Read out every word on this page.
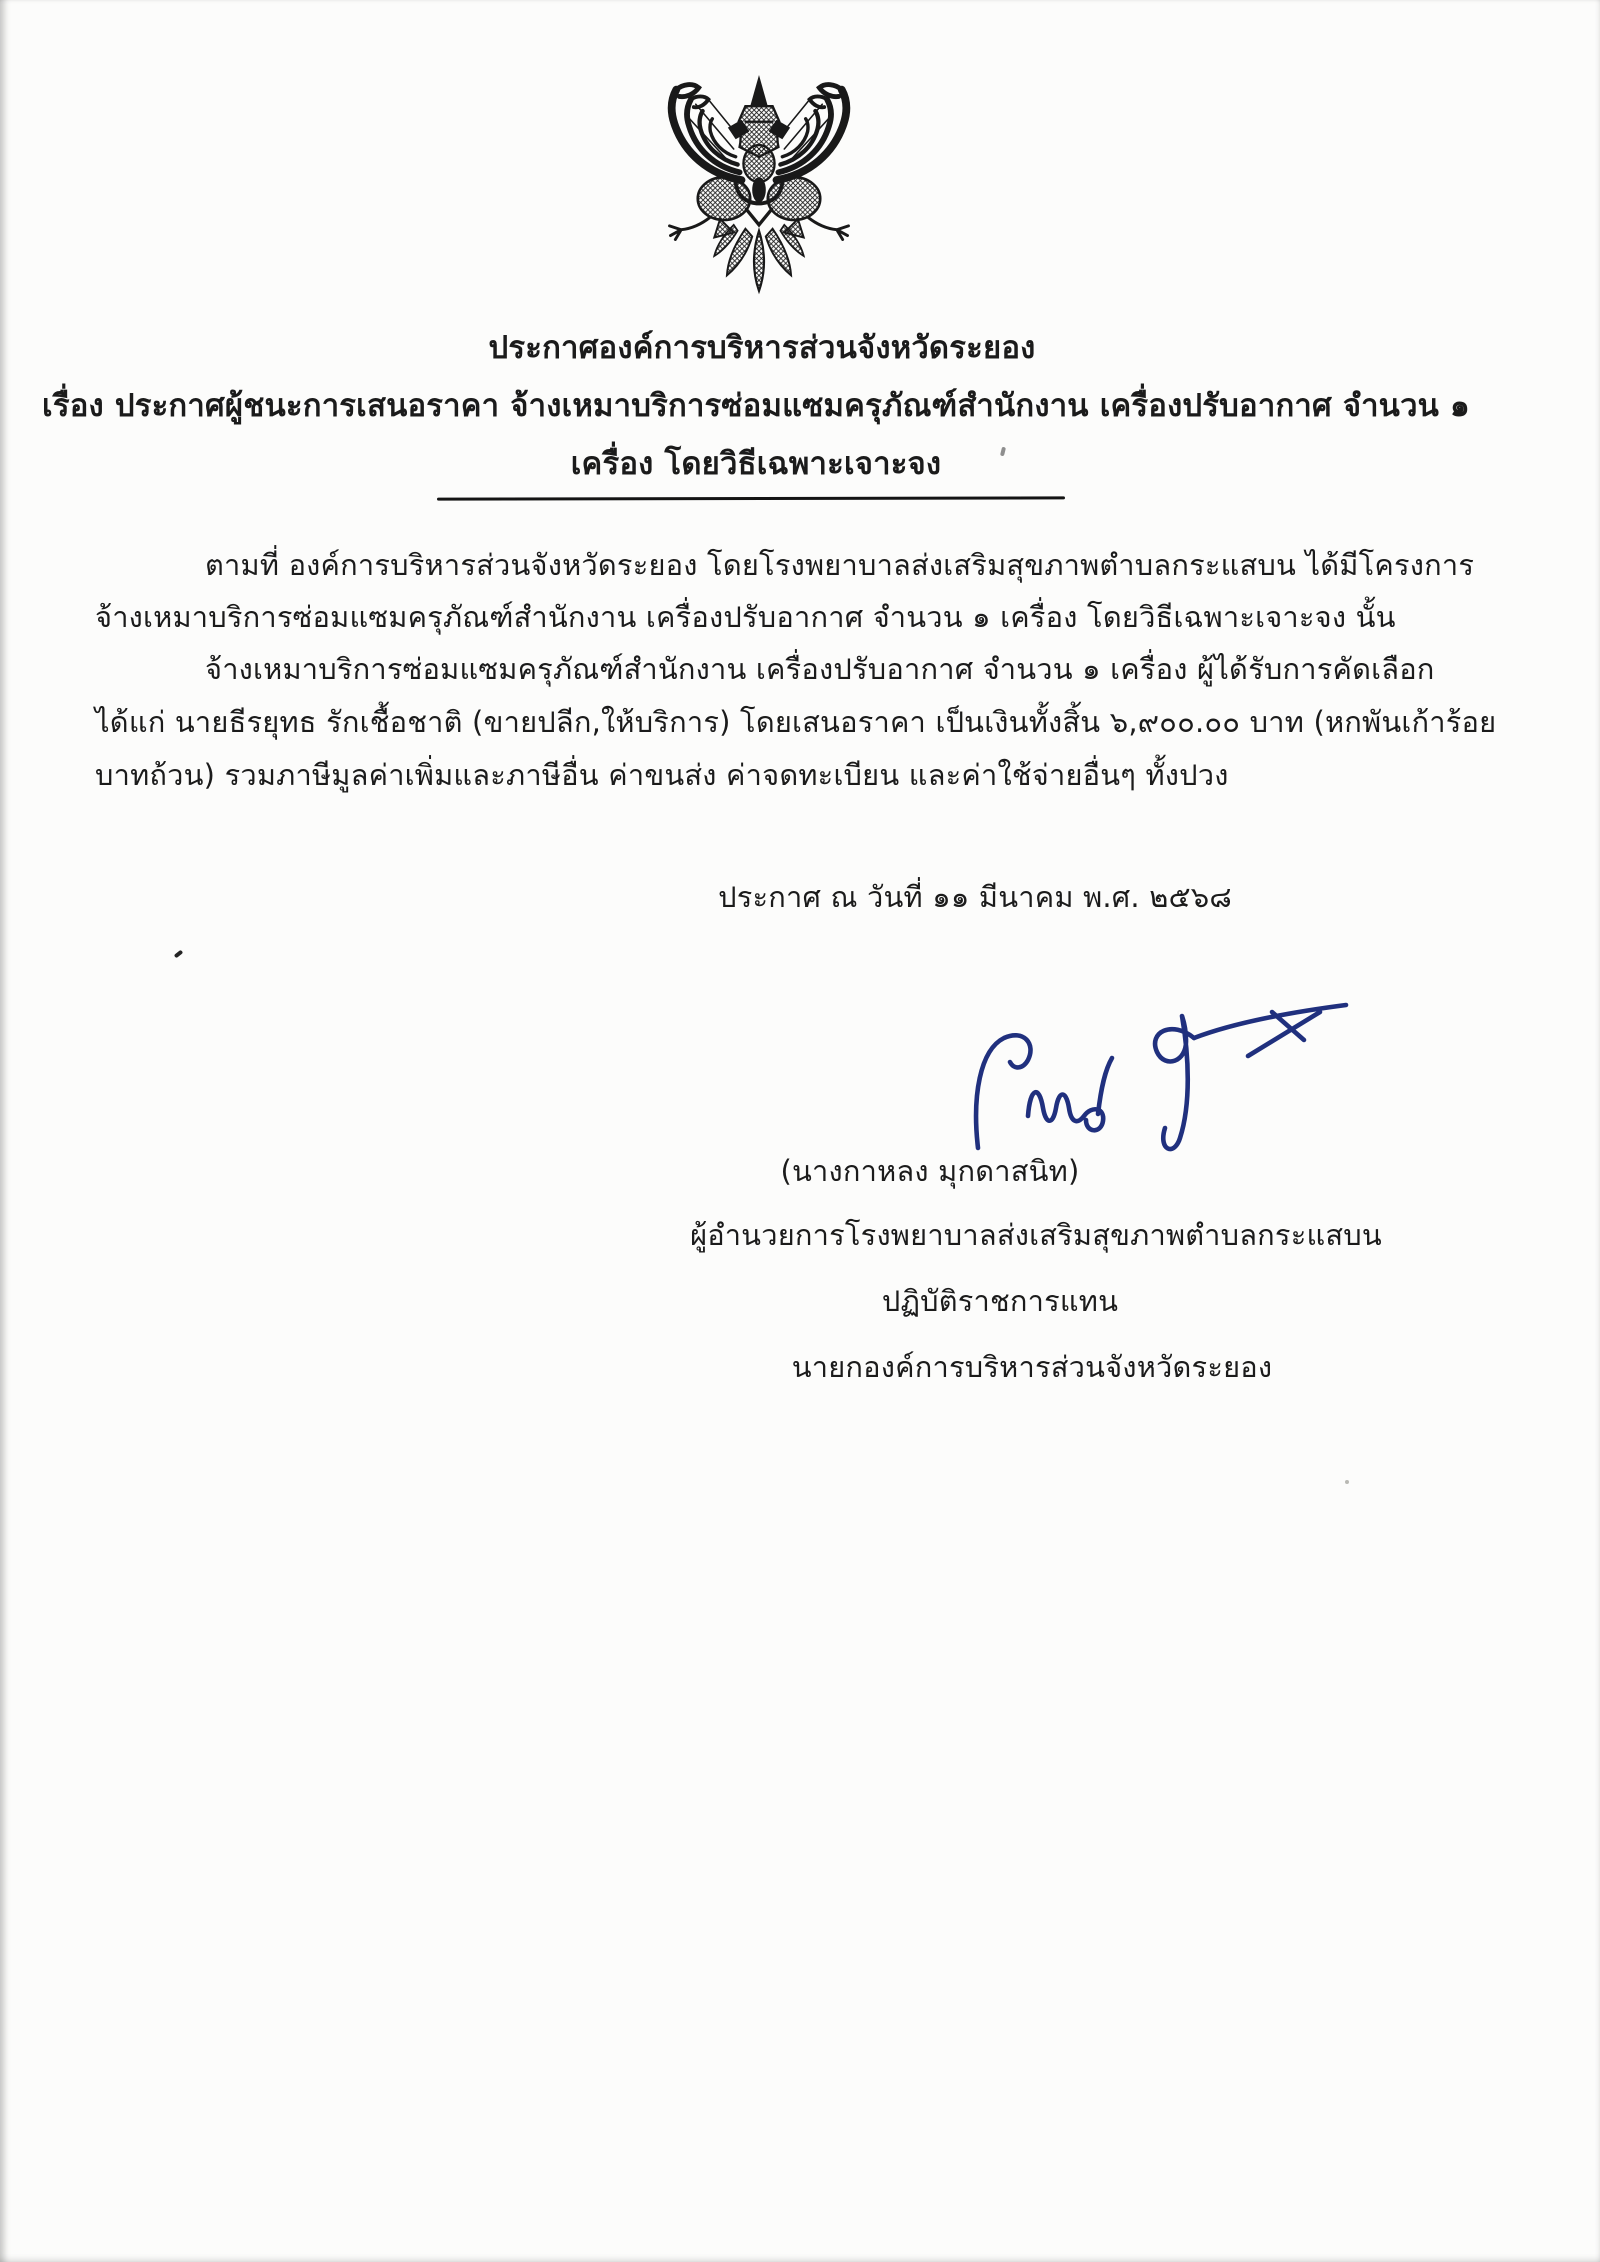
ประกาศองค์การบริหารส่วนจังหวัดระยอง
เรื่อง ประกาศผู้ชนะการเสนอราคา จ้างเหมาบริการซ่อมแซมครุภัณฑ์สำนักงาน เครื่องปรับอากาศ จำนวน ๑
เครื่อง โดยวิธีเฉพาะเจาะจง
ตามที่ องค์การบริหารส่วนจังหวัดระยอง โดยโรงพยาบาลส่งเสริมสุขภาพตำบลกระแสบน ได้มีโครงการ
จ้างเหมาบริการซ่อมแซมครุภัณฑ์สำนักงาน เครื่องปรับอากาศ จำนวน ๑ เครื่อง โดยวิธีเฉพาะเจาะจง นั้น
จ้างเหมาบริการซ่อมแซมครุภัณฑ์สำนักงาน เครื่องปรับอากาศ จำนวน ๑ เครื่อง ผู้ได้รับการคัดเลือก
ได้แก่ นายธีรยุทธ รักเชื้อชาติ (ขายปลีก,ให้บริการ) โดยเสนอราคา เป็นเงินทั้งสิ้น ๖,๙๐๐.๐๐ บาท (หกพันเก้าร้อย
บาทถ้วน) รวมภาษีมูลค่าเพิ่มและภาษีอื่น ค่าขนส่ง ค่าจดทะเบียน และค่าใช้จ่ายอื่นๆ ทั้งปวง
ประกาศ ณ วันที่ ๑๑ มีนาคม พ.ศ. ๒๕๖๘
(นางกาหลง มุกดาสนิท)
ผู้อำนวยการโรงพยาบาลส่งเสริมสุขภาพตำบลกระแสบน
ปฏิบัติราชการแทน
นายกองค์การบริหารส่วนจังหวัดระยอง
